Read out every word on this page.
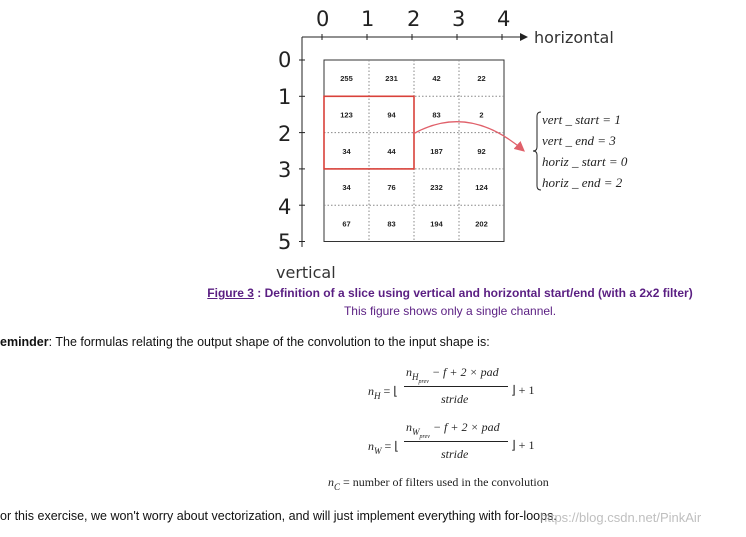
0 1 2 3 4
0
1
2
3
4
5
horizontal
vertical
255	231	42	22
123	94	83	2
34	44	187	92
34	76	232	124
67	83	194	202
vert _ start = 1
vert _ end = 3
horiz _ start = 0
horiz _ end = 2
Figure 3 : Definition of a slice using vertical and horizontal start/end (with a 2x2 filter)
This figure shows only a single channel.
eminder: The formulas relating the output shape of the convolution to the input shape is:
$n_H$ = ⌊
$n_{Hprev} - f + 2$ × pad
stride
⌋ + 1
$n_W$ = ⌊
$n_{Wprev} - f + 2$ × pad
stride
⌋ + 1
$n_C$ = number of filters used in the convolution
or this exercise, we won't worry about vectorization, and will just implement everything with for-loops.
https://blog.csdn.net/PinkAir
